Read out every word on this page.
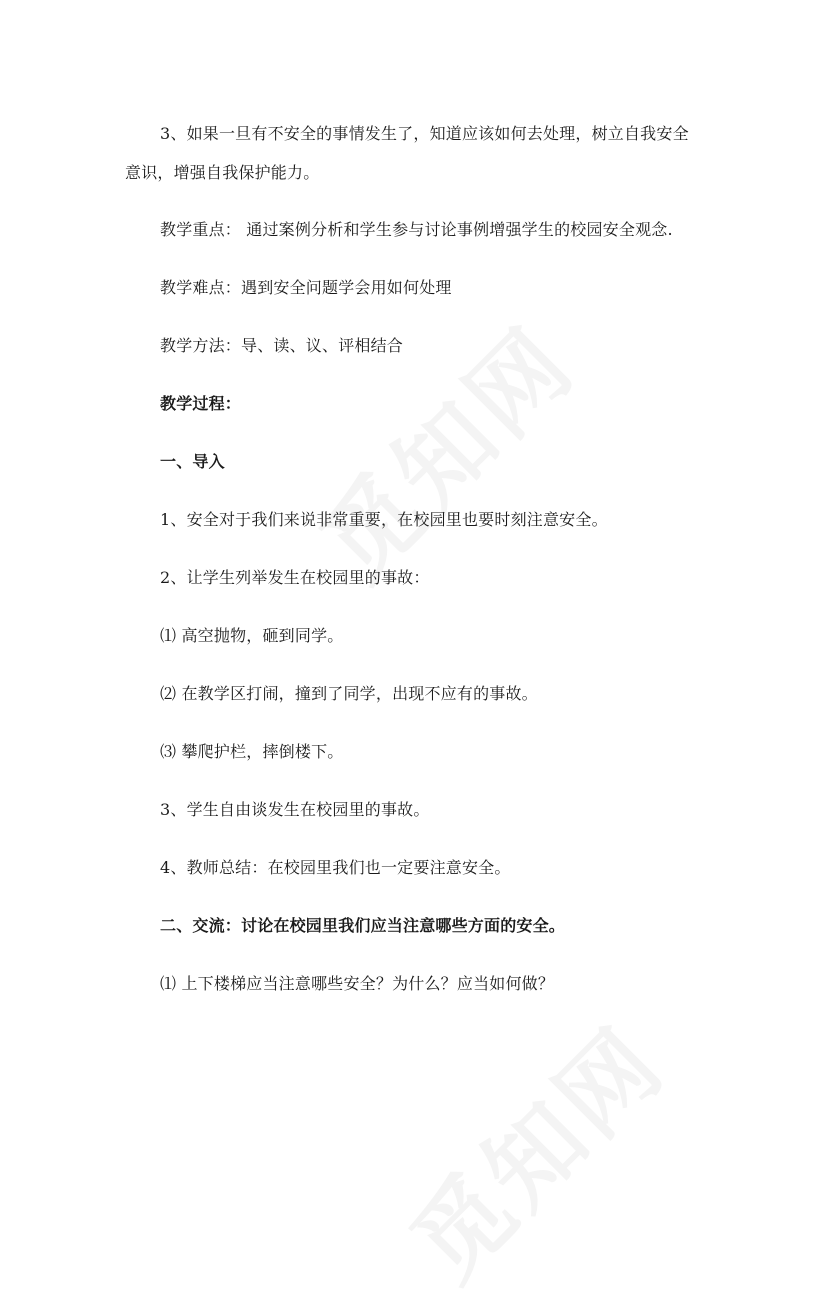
3、如果一旦有不安全的事情发生了，知道应该如何去处理，树立自我安全
意识，增强自我保护能力。
教学重点： 通过案例分析和学生参与讨论事例增强学生的校园安全观念.
教学难点：遇到安全问题学会用如何处理
教学方法：导、读、议、评相结合
教学过程：
一、导入
1、安全对于我们来说非常重要，在校园里也要时刻注意安全。
2、让学生列举发生在校园里的事故：
⑴ 高空抛物，砸到同学。
⑵ 在教学区打闹，撞到了同学，出现不应有的事故。
⑶ 攀爬护栏，摔倒楼下。
3、学生自由谈发生在校园里的事故。
4、教师总结：在校园里我们也一定要注意安全。
二、交流：讨论在校园里我们应当注意哪些方面的安全。
⑴ 上下楼梯应当注意哪些安全？为什么？应当如何做？
